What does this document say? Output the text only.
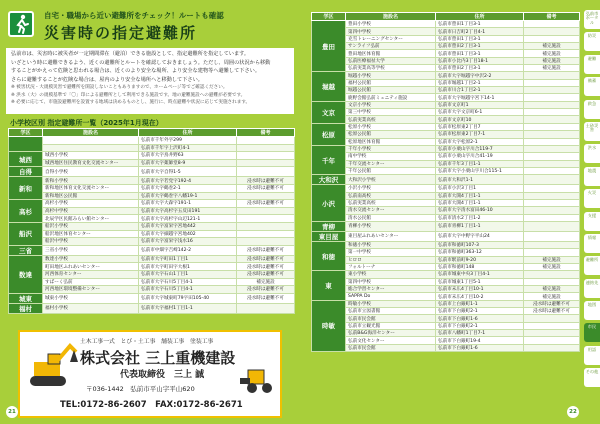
自宅・職場から近い避難所をチェック！ルートも確認
災害時の指定避難所

弘前市は、災害時に被災者が一定期間滞在（避泊）できる施設として、指定避難所を指定しています。

いざという時に避難できるよう、近くの避難所とルートを確認しておきましょう。ただし、周囲の状況から移動

することがかえって危険と思われる場合は、近くのより安全な場所、より安全な建物等へ避難して下さい。

さらに避難することが危険な場合は、屋内のより安全な場所へと移動して下さい。

※ 被害状況・大規模災害で避難所を開設しないこともありますので、ホームページ等でご確認ください。

※ 洪水（大）の規模基準で「〇」印による避難所として利用できる施設です。地の避難施設への避難が必要です。

※ 必要に応じて、市施設避難所を設置する地域は決めるものとし、施行に、時点避難や状況に応じて実施されます。

小学校区別 指定避難所一覧（2025年1月現在）
学区	施設名	住所	備考
		弘前市千年外字299	
		弘前市千年字上沢町4-1	
城西	城西小学校	弘前市大字鳥井野63	
	城西地区住民教育文化交流センター	弘前市大字薬師堂8-9	
自得	自得小学校	弘前市大字自得1-5	
新和	新和小学校	弘前市大字若党字192-4	浸水時は避難不可
	新和地区体育文化交流センター	弘前市大字鶴巻2-1	浸水時は避難不可
	新和地区公民館	弘前市大字鶴巻字八幡19-1	
高杉	高杉小学校	弘前市大字大森字191-1	浸水時は避難不可
	高杉中学校	弘前市大字高杉字五反田191	
	北辰学区民館みらい館センター	弘前市大字高杉字山辺121-1	
船沢	船沢小学校	弘前市大字富栄字宮地442	
	船沢地区体育センター	弘前市大字細越字宮地402	
	船沢中学校	弘前市大字富栄字浅水16	
三省	三省小学校	弘前市中畑字吉崎142-2	浸水時は避難不可
数達	数達小学校	弘前市大字町田1丁目1	浸水時は避難不可
	町田地区ふれあいセンター	弘前市大字町田字大根1	浸水時は避難不可
	河西体育センター	弘前市大字石山1丁目1	浸水時は避難不可
	すぱーく弘前	弘前市大字石川5丁目4-1	補完施設
	河西地区環境整備センター	弘前市大字石川5丁目4-1	浸水時は避難不可
城東	城東小学校	弘前市大字城東町79字田105-40	浸水時は避難不可
福村	福村小学校	弘前市大字福村1丁目1-1	
土木工事一式　とび・土工事　舗装工事　塗装工事
株式会社 三上重機建設
代表取締役　三上 誠
〒036-1442　弘前市平山字平山620
TEL:0172-86-2607　FAX:0172-86-2671
21
学区	施設名	住所	備考
豊田	豊田小学校	弘前市豊田1丁目3-1	
	第四中学校	弘前市日吉町2丁目4-1	
	克雪トレーニングセンター	弘前市豊田1丁目3-1	
	サンライフ弘前	弘前市豊田2丁目3-1	補完施設
	豊田地区体育館	弘前市豊田1丁目3-1	補完施設
	弘前医療福祉大学	弘前市小比内3丁目18-1	補完施設
	弘前実業高等学校	弘前市豊田2丁目3-1	補完施設
堀越	堀越小学校	弘前市大字堀越字中沢2-2	
	福村公民館	弘前市堀越1丁目2-1	
	堀越公民館	弘前市川合1丁目2-1	
	鹿野会館弘前ミュニティ施設	弘前市大字堀越字宮下14-1	
文京	文京小学校	弘前市文京町1	
	第三中学校	弘前市大字文京町6-1	
	弘前実業高校	弘前市文京町10	
松原	松原小学校	弘前市松原東2丁目7	
	松原公民館	弘前市松原東2丁目7-1	
	松原地区体育館	弘前市大字松原2-1	
千年	千年小学校	弘前市小栗山字川合119-7	
	南中学校	弘前市小栗山字川合41-19	
	千年交流センター	弘前市千年3丁目1-1	
	千年公民館	弘前市大字小栗山字川合115-1	
大和沢	大和沢小学校	弘前市大和沢1-1	
小沢	小沢小学校	弘前市小沢3丁目1	
	弘前南高校	弘前市大開4丁目1-1	
	弘前実業高校	弘前市大開4丁目1-1	
	清水交流センター	弘前市大字清水富田46-10	
	清水公民館	弘前市清水2丁目1-2	
青柳	青柳小学校	弘前市青柳1丁目1-1	
東目屋	東目屋ふれあいセンター	弘前市大字中野字平山24	
和徳	和徳小学校	弘前市和徳町107-3	
	第一中学校	弘前市和徳町363-12	
	ヒロロ	弘前市駅前町9-20	補完施設
	フォルトーナ	弘前市和徳町148	補完施設
東	東小学校	弘前市城東中央3丁目4-1	
	第四中学校	弘前市城東1丁目5-1	
	総合学習センター	弘前市末広4丁目10-1	補完施設
	SAPPA Do	弘前市末広4丁目10-2	補完施設
時敏	時敏小学校	弘前市上白銀町1-1	浸水時は避難不可
	弘前市立図書館	弘前市下白銀町2-1	浸水時は避難不可
	弘前市民会館	弘前市下白銀町1-6	
	弘前市立観光館	弘前市下白銀町2-1	
	弘前B&G海洋センター	弘前市八幡町1丁目7-1	
	弘前文化センター	弘前市下白銀町19-4	
	弘前市民会館	弘前市下白銀町1-6	
22
弘前市ポータル
防災
避難
備蓄
救急
土砂災害
洪水
地震
火災
支援
情報
避難所
連絡先
地図
市民
用語
その他
